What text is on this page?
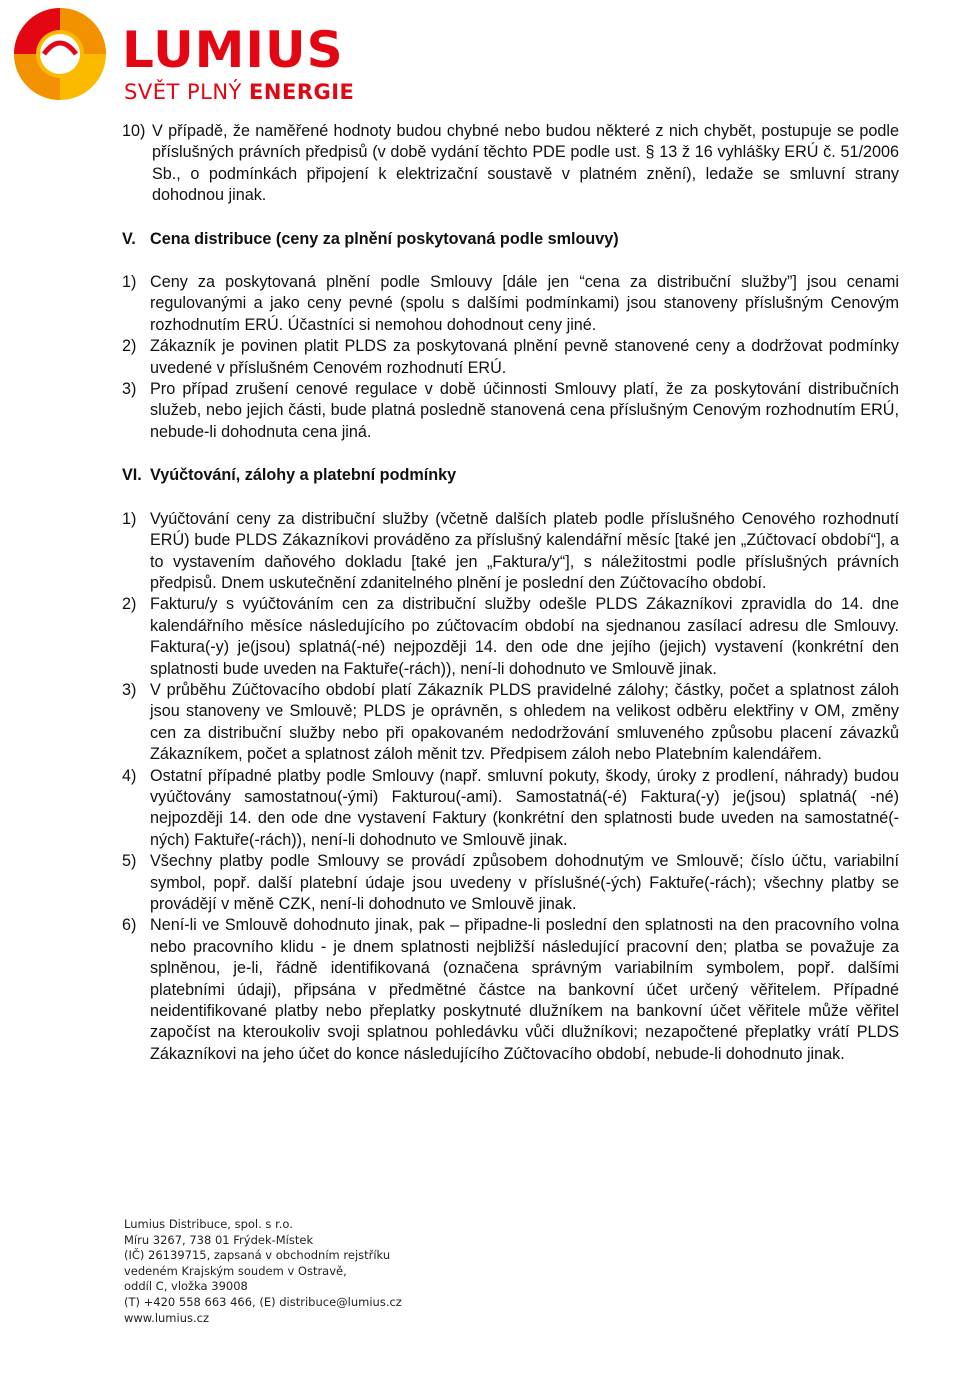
LUMIUS
SVĚT PLNÝ ENERGIE
10) V případě, že naměřené hodnoty budou chybné nebo budou některé z nich chybět, postupuje se podle příslušných právních předpisů (v době vydání těchto PDE podle ust. § 13 ž 16 vyhlášky ERÚ č. 51/2006 Sb., o podmínkách připojení k elektrizační soustavě v platném znění), ledaže se smluvní strany dohodnou jinak.
V. Cena distribuce (ceny za plnění poskytovaná podle smlouvy)
1) Ceny za poskytovaná plnění podle Smlouvy [dále jen “cena za distribuční služby”] jsou cenami regulovanými a jako ceny pevné (spolu s dalšími podmínkami) jsou stanoveny příslušným Cenovým rozhodnutím ERÚ. Účastníci si nemohou dohodnout ceny jiné.
2) Zákazník je povinen platit PLDS za poskytovaná plnění pevně stanovené ceny a dodržovat podmínky uvedené v příslušném Cenovém rozhodnutí ERÚ.
3) Pro případ zrušení cenové regulace v době účinnosti Smlouvy platí, že za poskytování distribučních služeb, nebo jejich části, bude platná posledně stanovená cena příslušným Cenovým rozhodnutím ERÚ, nebude-li dohodnuta cena jiná.
VI. Vyúčtování, zálohy a platební podmínky
1) Vyúčtování ceny za distribuční služby (včetně dalších plateb podle příslušného Cenového rozhodnutí ERÚ) bude PLDS Zákazníkovi prováděno za příslušný kalendářní měsíc [také jen „Zúčtovací období“], a to vystavením daňového dokladu [také jen „Faktura/y“], s náležitostmi podle příslušných právních předpisů. Dnem uskutečnění zdanitelného plnění je poslední den Zúčtovacího období.
2) Fakturu/y s vyúčtováním cen za distribuční služby odešle PLDS Zákazníkovi zpravidla do 14. dne kalendářního měsíce následujícího po zúčtovacím období na sjednanou zasílací adresu dle Smlouvy. Faktura(-y) je(jsou) splatná(-né) nejpozději 14. den ode dne jejího (jejich) vystavení (konkrétní den splatnosti bude uveden na Faktuře(-rách)), není-li dohodnuto ve Smlouvě jinak.
3) V průběhu Zúčtovacího období platí Zákazník PLDS pravidelné zálohy; částky, počet a splatnost záloh jsou stanoveny ve Smlouvě; PLDS je oprávněn, s ohledem na velikost odběru elektřiny v OM, změny cen za distribuční služby nebo při opakovaném nedodržování smluveného způsobu placení závazků Zákazníkem, počet a splatnost záloh měnit tzv. Předpisem záloh nebo Platebním kalendářem.
4) Ostatní případné platby podle Smlouvy (např. smluvní pokuty, škody, úroky z prodlení, náhrady) budou vyúčtovány samostatnou(-ými) Fakturou(-ami). Samostatná(-é) Faktura(-y) je(jsou) splatná( -né) nejpozději 14. den ode dne vystavení Faktury (konkrétní den splatnosti bude uveden na samostatné(-ných) Faktuře(-rách)), není-li dohodnuto ve Smlouvě jinak.
5) Všechny platby podle Smlouvy se provádí způsobem dohodnutým ve Smlouvě; číslo účtu, variabilní symbol, popř. další platební údaje jsou uvedeny v příslušné(-ých) Faktuře(-rách); všechny platby se provádějí v měně CZK, není-li dohodnuto ve Smlouvě jinak.
6) Není-li ve Smlouvě dohodnuto jinak, pak – připadne-li poslední den splatnosti na den pracovního volna nebo pracovního klidu - je dnem splatnosti nejbližší následující pracovní den; platba se považuje za splněnou, je-li, řádně identifikovaná (označena správným variabilním symbolem, popř. dalšími platebními údaji), připsána v předmětné částce na bankovní účet určený věřitelem. Případné neidentifikované platby nebo přeplatky poskytnuté dlužníkem na bankovní účet věřitele může věřitel započíst na kteroukoliv svoji splatnou pohledávku vůči dlužníkovi; nezapočtené přeplatky vrátí PLDS Zákazníkovi na jeho účet do konce následujícího Zúčtovacího období, nebude-li dohodnuto jinak.
Lumius Distribuce, spol. s r.o.
Míru 3267, 738 01 Frýdek-Místek
(IČ) 26139715, zapsaná v obchodním rejstříku
vedeném Krajským soudem v Ostravě,
oddíl C, vložka 39008
(T) +420 558 663 466, (E) distribuce@lumius.cz
www.lumius.cz
